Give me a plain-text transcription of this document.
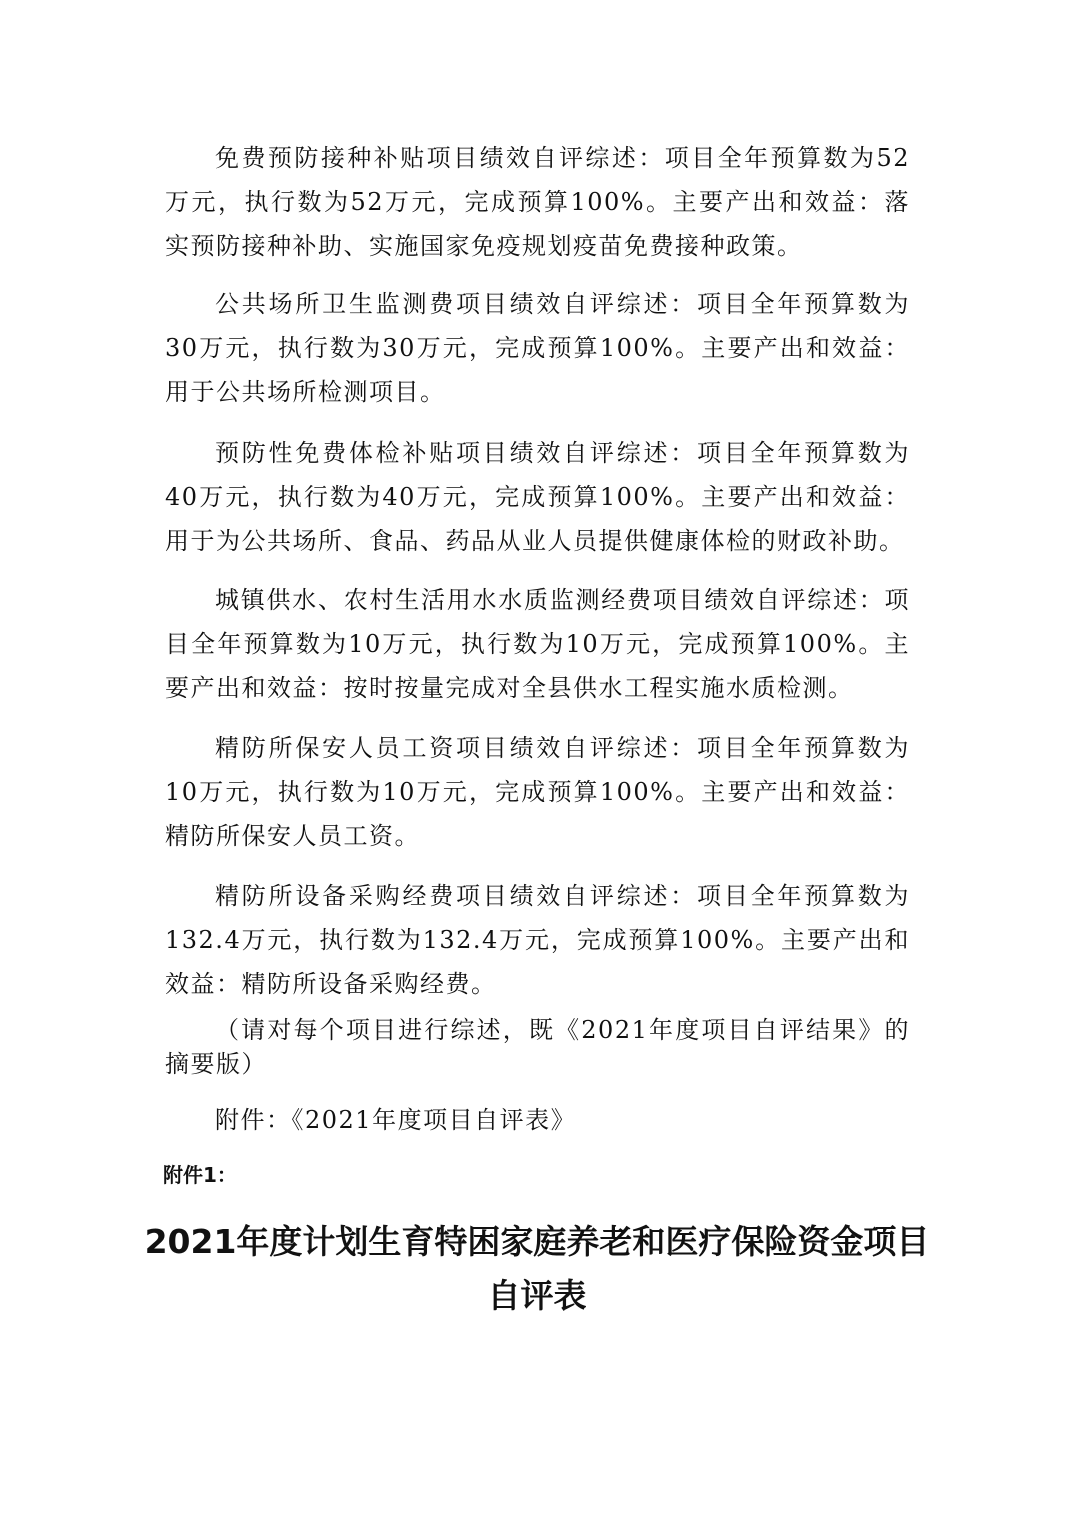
免费预防接种补贴项目绩效自评综述：项目全年预算数为52万元，执行数为52万元，完成预算100%。主要产出和效益：落实预防接种补助、实施国家免疫规划疫苗免费接种政策。

公共场所卫生监测费项目绩效自评综述：项目全年预算数为30万元，执行数为30万元，完成预算100%。主要产出和效益：用于公共场所检测项目。

预防性免费体检补贴项目绩效自评综述：项目全年预算数为40万元，执行数为40万元，完成预算100%。主要产出和效益：用于为公共场所、食品、药品从业人员提供健康体检的财政补助。

城镇供水、农村生活用水水质监测经费项目绩效自评综述：项目全年预算数为10万元，执行数为10万元，完成预算100%。主要产出和效益：按时按量完成对全县供水工程实施水质检测。

精防所保安人员工资项目绩效自评综述：项目全年预算数为10万元，执行数为10万元，完成预算100%。主要产出和效益：精防所保安人员工资。

精防所设备采购经费项目绩效自评综述：项目全年预算数为132.4万元，执行数为132.4万元，完成预算100%。主要产出和效益：精防所设备采购经费。

（请对每个项目进行综述，既《2021年度项目自评结果》的摘要版）

附件：《2021年度项目自评表》

附件1：

2021年度计划生育特困家庭养老和医疗保险资金项目
自评表
